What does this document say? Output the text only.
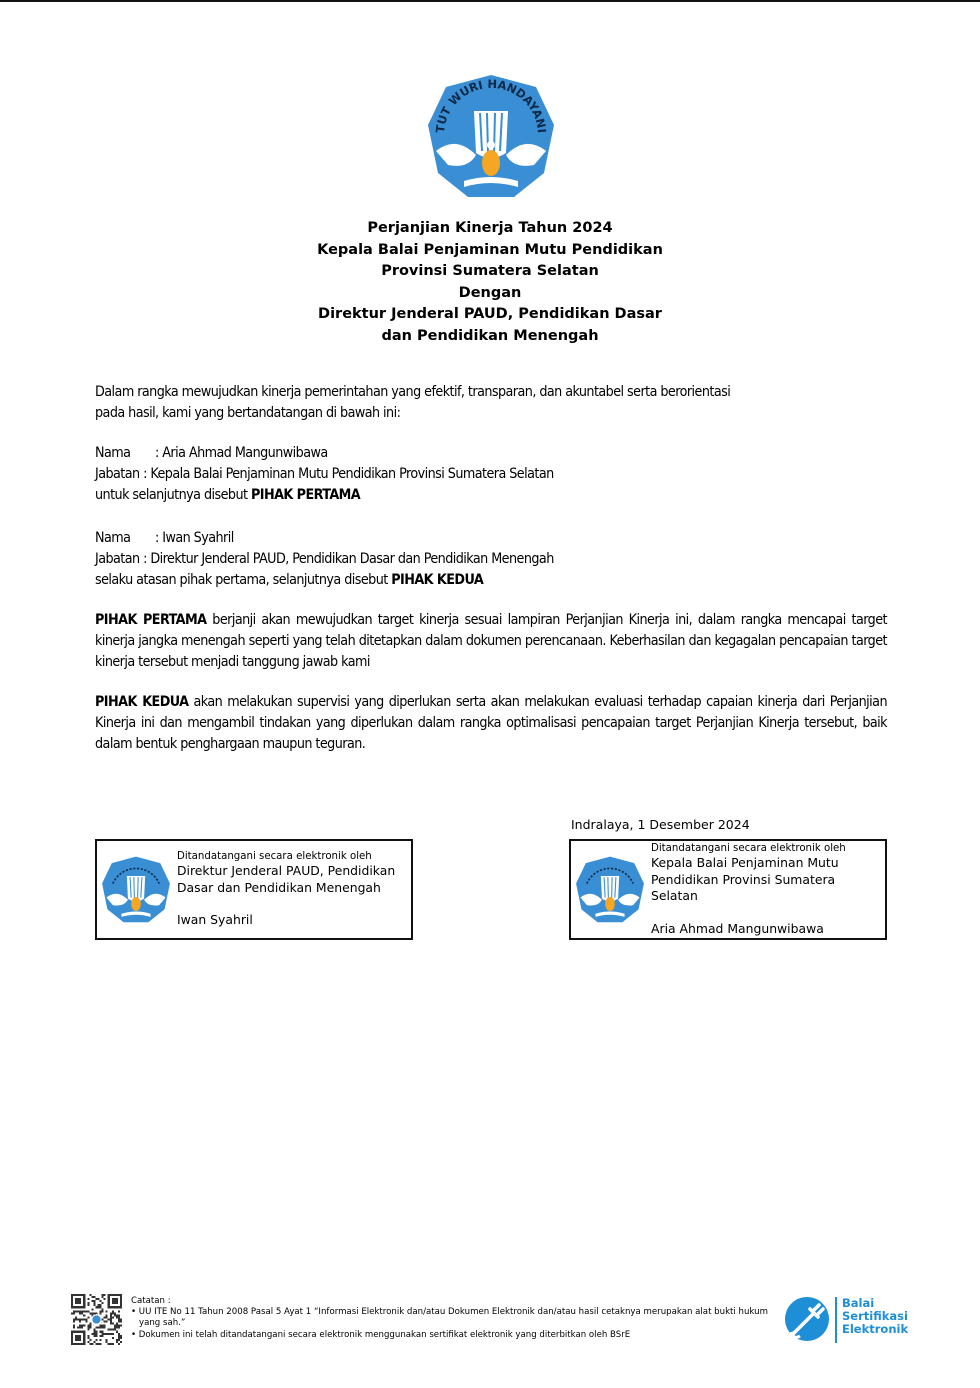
TUT WURI HANDAYANI
Perjanjian Kinerja Tahun 2024
Kepala Balai Penjaminan Mutu Pendidikan
Provinsi Sumatera Selatan
Dengan
Direktur Jenderal PAUD, Pendidikan Dasar
dan Pendidikan Menengah
Dalam rangka mewujudkan kinerja pemerintahan yang efektif, transparan, dan akuntabel serta berorientasi
pada hasil, kami yang bertandatangan di bawah ini:
Nama : Aria Ahmad Mangunwibawa
Jabatan : Kepala Balai Penjaminan Mutu Pendidikan Provinsi Sumatera Selatan
untuk selanjutnya disebut PIHAK PERTAMA
Nama : Iwan Syahril
Jabatan : Direktur Jenderal PAUD, Pendidikan Dasar dan Pendidikan Menengah
selaku atasan pihak pertama, selanjutnya disebut PIHAK KEDUA
PIHAK PERTAMA berjanji akan mewujudkan target kinerja sesuai lampiran Perjanjian Kinerja ini, dalam rangka mencapai target kinerja jangka menengah seperti yang telah ditetapkan dalam dokumen perencanaan. Keberhasilan dan kegagalan pencapaian target kinerja tersebut menjadi tanggung jawab kami
PIHAK KEDUA akan melakukan supervisi yang diperlukan serta akan melakukan evaluasi terhadap capaian kinerja dari Perjanjian Kinerja ini dan mengambil tindakan yang diperlukan dalam rangka optimalisasi pencapaian target Perjanjian Kinerja tersebut, baik dalam bentuk penghargaan maupun teguran.
Indralaya, 1 Desember 2024
Ditandatangani secara elektronik oleh
Direktur Jenderal PAUD, Pendidikan Dasar dan Pendidikan Menengah
Iwan Syahril
Ditandatangani secara elektronik oleh
Kepala Balai Penjaminan Mutu Pendidikan Provinsi Sumatera Selatan
Aria Ahmad Mangunwibawa
Catatan :
• UU ITE No 11 Tahun 2008 Pasal 5 Ayat 1 “Informasi Elektronik dan/atau Dokumen Elektronik dan/atau hasil cetaknya merupakan alat bukti hukum yang sah.”
• Dokumen ini telah ditandatangani secara elektronik menggunakan sertifikat elektronik yang diterbitkan oleh BSrE
Balai
Sertifikasi
Elektronik
